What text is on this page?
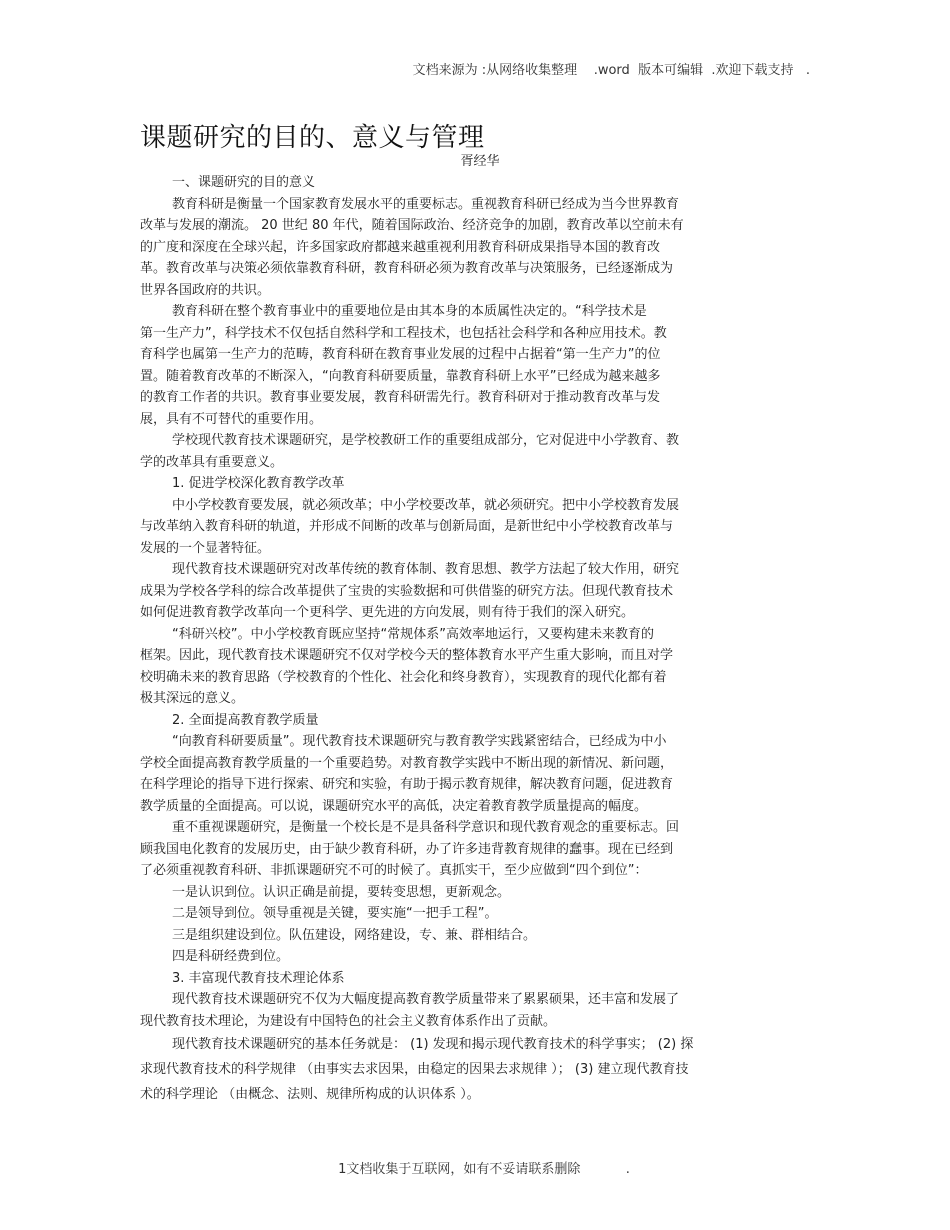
文档来源为 :从网络收集整理    .word  版本可编辑  .欢迎下载支持   .
课题研究的目的、意义与管理
胥经华
一、课题研究的目的意义
教育科研是衡量一个国家教育发展水平的重要标志。重视教育科研已经成为当今世界教育
改革与发展的潮流。 20 世纪 80 年代，随着国际政治、经济竞争的加剧，教育改革以空前未有
的广度和深度在全球兴起，许多国家政府都越来越重视利用教育科研成果指导本国的教育改
革。教育改革与决策必须依靠教育科研，教育科研必须为教育改革与决策服务，已经逐渐成为
世界各国政府的共识。
教育科研在整个教育事业中的重要地位是由其本身的本质属性决定的。“科学技术是
第一生产力”，科学技术不仅包括自然科学和工程技术，也包括社会科学和各种应用技术。教
育科学也属第一生产力的范畴，教育科研在教育事业发展的过程中占据着“第一生产力”的位
置。随着教育改革的不断深入，“向教育科研要质量，靠教育科研上水平”已经成为越来越多
的教育工作者的共识。教育事业要发展，教育科研需先行。教育科研对于推动教育改革与发
展，具有不可替代的重要作用。
学校现代教育技术课题研究，是学校教研工作的重要组成部分，它对促进中小学教育、教
学的改革具有重要意义。
1. 促进学校深化教育教学改革
中小学校教育要发展，就必须改革；中小学校要改革，就必须研究。把中小学校教育发展
与改革纳入教育科研的轨道，并形成不间断的改革与创新局面，是新世纪中小学校教育改革与
发展的一个显著特征。
现代教育技术课题研究对改革传统的教育体制、教育思想、教学方法起了较大作用，研究
成果为学校各学科的综合改革提供了宝贵的实验数据和可供借鉴的研究方法。但现代教育技术
如何促进教育教学改革向一个更科学、更先进的方向发展，则有待于我们的深入研究。
“科研兴校”。中小学校教育既应坚持“常规体系”高效率地运行，又要构建未来教育的
框架。因此，现代教育技术课题研究不仅对学校今天的整体教育水平产生重大影响，而且对学
校明确未来的教育思路（学校教育的个性化、社会化和终身教育），实现教育的现代化都有着
极其深远的意义。
2. 全面提高教育教学质量
“向教育科研要质量”。现代教育技术课题研究与教育教学实践紧密结合，已经成为中小
学校全面提高教育教学质量的一个重要趋势。对教育教学实践中不断出现的新情况、新问题，
在科学理论的指导下进行探索、研究和实验，有助于揭示教育规律，解决教育问题，促进教育
教学质量的全面提高。可以说，课题研究水平的高低，决定着教育教学质量提高的幅度。
重不重视课题研究，是衡量一个校长是不是具备科学意识和现代教育观念的重要标志。回
顾我国电化教育的发展历史，由于缺少教育科研，办了许多违背教育规律的蠢事。现在已经到
了必须重视教育科研、非抓课题研究不可的时候了。真抓实干，至少应做到“四个到位”：
一是认识到位。认识正确是前提，要转变思想，更新观念。
二是领导到位。领导重视是关键，要实施“一把手工程”。
三是组织建设到位。队伍建设，网络建设，专、兼、群相结合。
四是科研经费到位。
3. 丰富现代教育技术理论体系
现代教育技术课题研究不仅为大幅度提高教育教学质量带来了累累硕果，还丰富和发展了
现代教育技术理论，为建设有中国特色的社会主义教育体系作出了贡献。
现代教育技术课题研究的基本任务就是： (1) 发现和揭示现代教育技术的科学事实； (2) 探
求现代教育技术的科学规律 （由事实去求因果，由稳定的因果去求规律 ）； (3) 建立现代教育技
术的科学理论 （由概念、法则、规律所构成的认识体系 ）。
1文档收集于互联网，如有不妥请联系删除           .
